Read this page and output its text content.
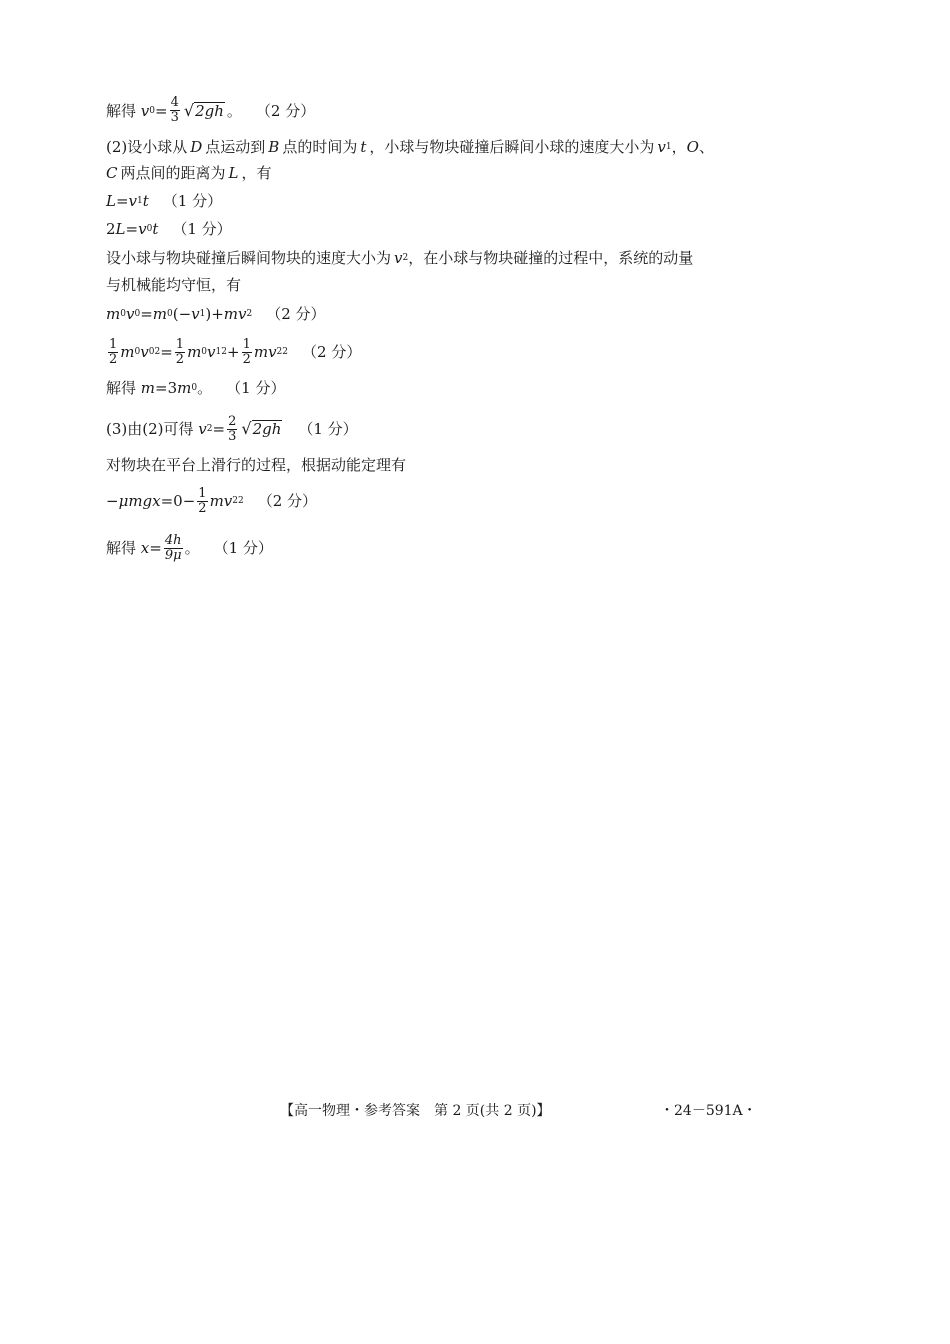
解得
v $0 = \frac{4}{3}$ √ 2gh 。 （2 分）
(2)设小球从 D 点运动到 B 点的时间为 t ，小球与物块碰撞后瞬间小球的速度大小为 v 1 ， O 、
C 两点间的距离为 L ，有
L = v 1 t （1 分）
2 L = v 0 t （1 分）
设小球与物块碰撞后瞬间物块的速度大小为 v 2 ，在小球与物块碰撞的过程中，系统的动量
与机械能均守恒，有
m 0 v 0 = m 0 (− v 1 )+ mv 2 （2 分）
$\frac{1}{2}$ m 0 v 0 $2 = \frac{1}{2}$ m 0 v 1 $2 + \frac{1}{2}$ mv 2 2 （2 分）
解得
m =3 m 0 。 （1 分）
(3)由(2)可得
v $2 = \frac{2}{3}$ √ 2gh （1 分）
对物块在平台上滑行的过程，根据动能定理有
$-\mu mgx =0- \frac{1}{2}$ mv 2 2 （2 分）
解得
$x = \frac{4h}{9\mu}$ 。 （1 分）
【高一物理・参考答案　第 2 页(共 2 页)】	・24－591A・
